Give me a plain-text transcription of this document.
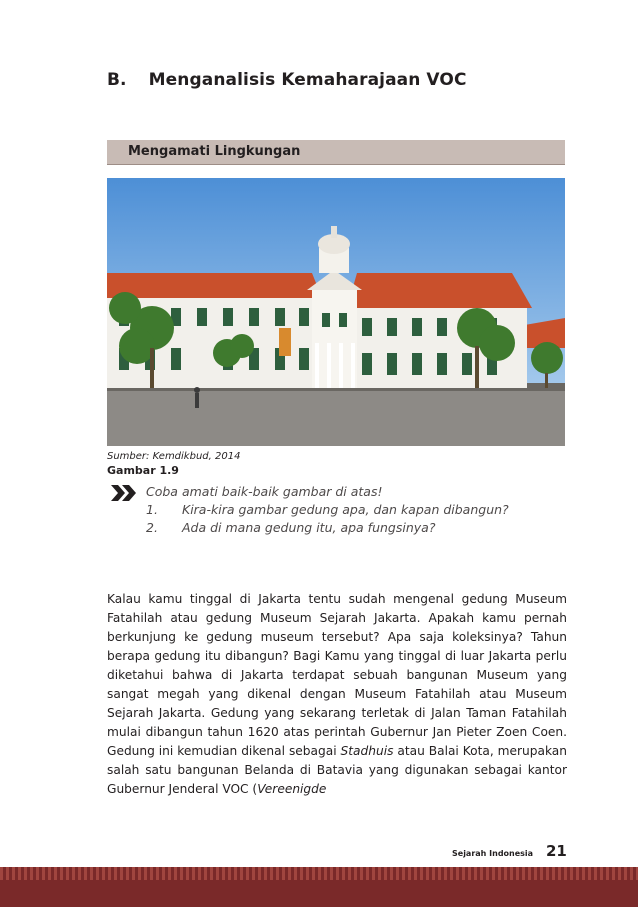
B. Menganalisis Kemaharajaan VOC
Mengamati Lingkungan
Sumber: Kemdikbud, 2014
Gambar 1.9
Coba amati baik-baik gambar di atas!
1.	Kira-kira gambar gedung apa, dan kapan dibangun?
2.	Ada di mana gedung itu, apa fungsinya?

Kalau kamu tinggal di Jakarta tentu sudah mengenal gedung Museum Fatahilah atau gedung Museum Sejarah Jakarta. Apakah kamu pernah berkunjung ke gedung museum tersebut? Apa saja koleksinya? Tahun berapa gedung itu dibangun? Bagi Kamu yang tinggal di luar Jakarta perlu diketahui bahwa di Jakarta terdapat sebuah bangunan Museum yang sangat megah yang dikenal dengan Museum Fatahilah atau Museum Sejarah Jakarta. Gedung yang sekarang terletak di Jalan Taman Fatahilah mulai dibangun tahun 1620 atas perintah Gubernur Jan Pieter Zoen Coen. Gedung ini kemudian dikenal sebagai Stadhuis atau Balai Kota, merupakan salah satu bangunan Belanda di Batavia yang digunakan sebagai kantor Gubernur Jenderal VOC (Vereenigde

Sejarah Indonesia 21
